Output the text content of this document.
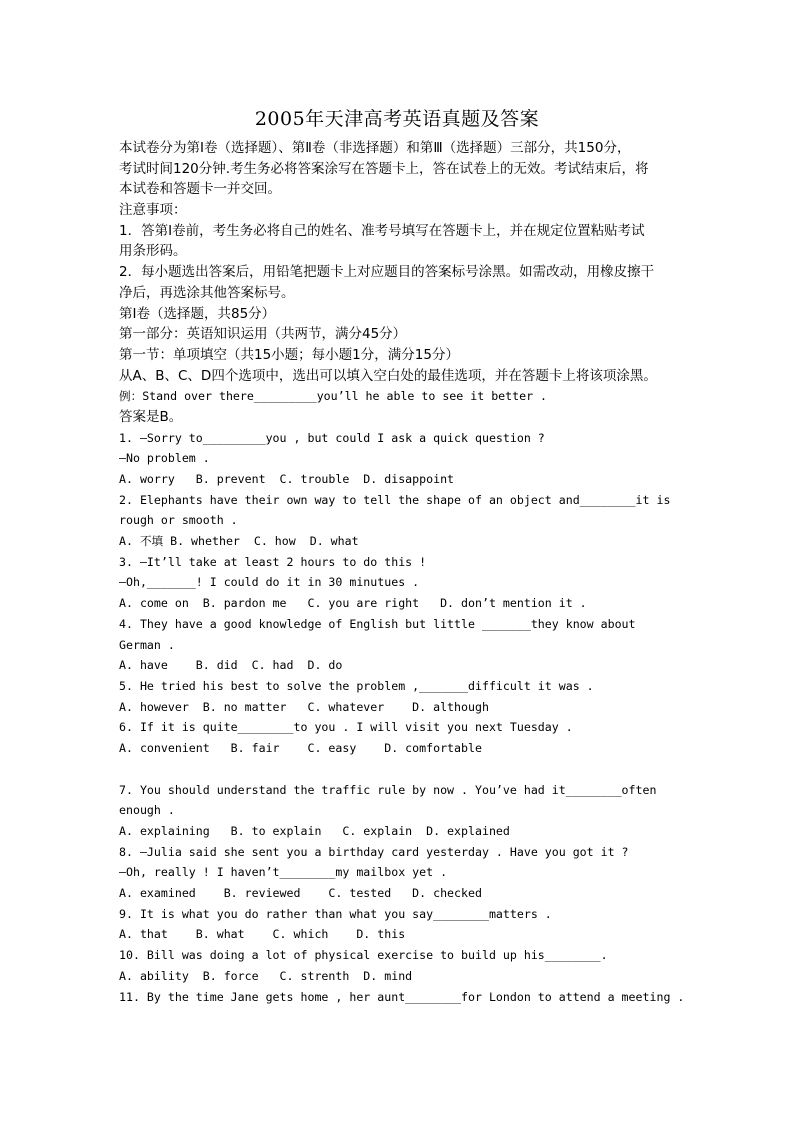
2005年天津高考英语真题及答案
本试卷分为第Ⅰ卷（选择题）、第Ⅱ卷（非选择题）和第Ⅲ（选择题）三部分，共150分，
考试时间120分钟.考生务必将答案涂写在答题卡上，答在试卷上的无效。考试结束后，将
本试卷和答题卡一并交回。
注意事项：
1．答第Ⅰ卷前，考生务必将自己的姓名、准考号填写在答题卡上，并在规定位置粘贴考试
用条形码。
2．每小题选出答案后，用铅笔把题卡上对应题目的答案标号涂黑。如需改动，用橡皮擦干
净后，再选涂其他答案标号。
第Ⅰ卷（选择题，共85分）
第一部分：英语知识运用（共两节，满分45分）
第一节：单项填空（共15小题；每小题1分，满分15分）
从A、B、C、D四个选项中，选出可以填入空白处的最佳选项，并在答题卡上将该项涂黑。
例：Stand over there_________you’ll he able to see it better .
答案是B。
1. —Sorry to_________you , but could I ask a quick question ?
—No problem .
A. worry   B. prevent  C. trouble  D. disappoint
2. Elephants have their own way to tell the shape of an object and________it is
rough or smooth .
A. 不填 B. whether  C. how  D. what
3. —It’ll take at least 2 hours to do this !
—Oh,_______! I could do it in 30 minutues .
A. come on  B. pardon me   C. you are right   D. don’t mention it .
4. They have a good knowledge of English but little _______they know about
German .
A. have    B. did  C. had  D. do
5. He tried his best to solve the problem ,_______difficult it was .
A. however  B. no matter   C. whatever    D. although
6. If it is quite________to you . I will visit you next Tuesday .
A. convenient   B. fair    C. easy    D. comfortable
7. You should understand the traffic rule by now . You’ve had it________often
enough .
A. explaining   B. to explain   C. explain  D. explained
8. —Julia said she sent you a birthday card yesterday . Have you got it ?
—Oh, really ! I haven’t________my mailbox yet .
A. examined    B. reviewed    C. tested   D. checked
9. It is what you do rather than what you say________matters .
A. that    B. what    C. which    D. this
10. Bill was doing a lot of physical exercise to build up his________.
A. ability  B. force   C. strenth  D. mind
11. By the time Jane gets home , her aunt________for London to attend a meeting .
